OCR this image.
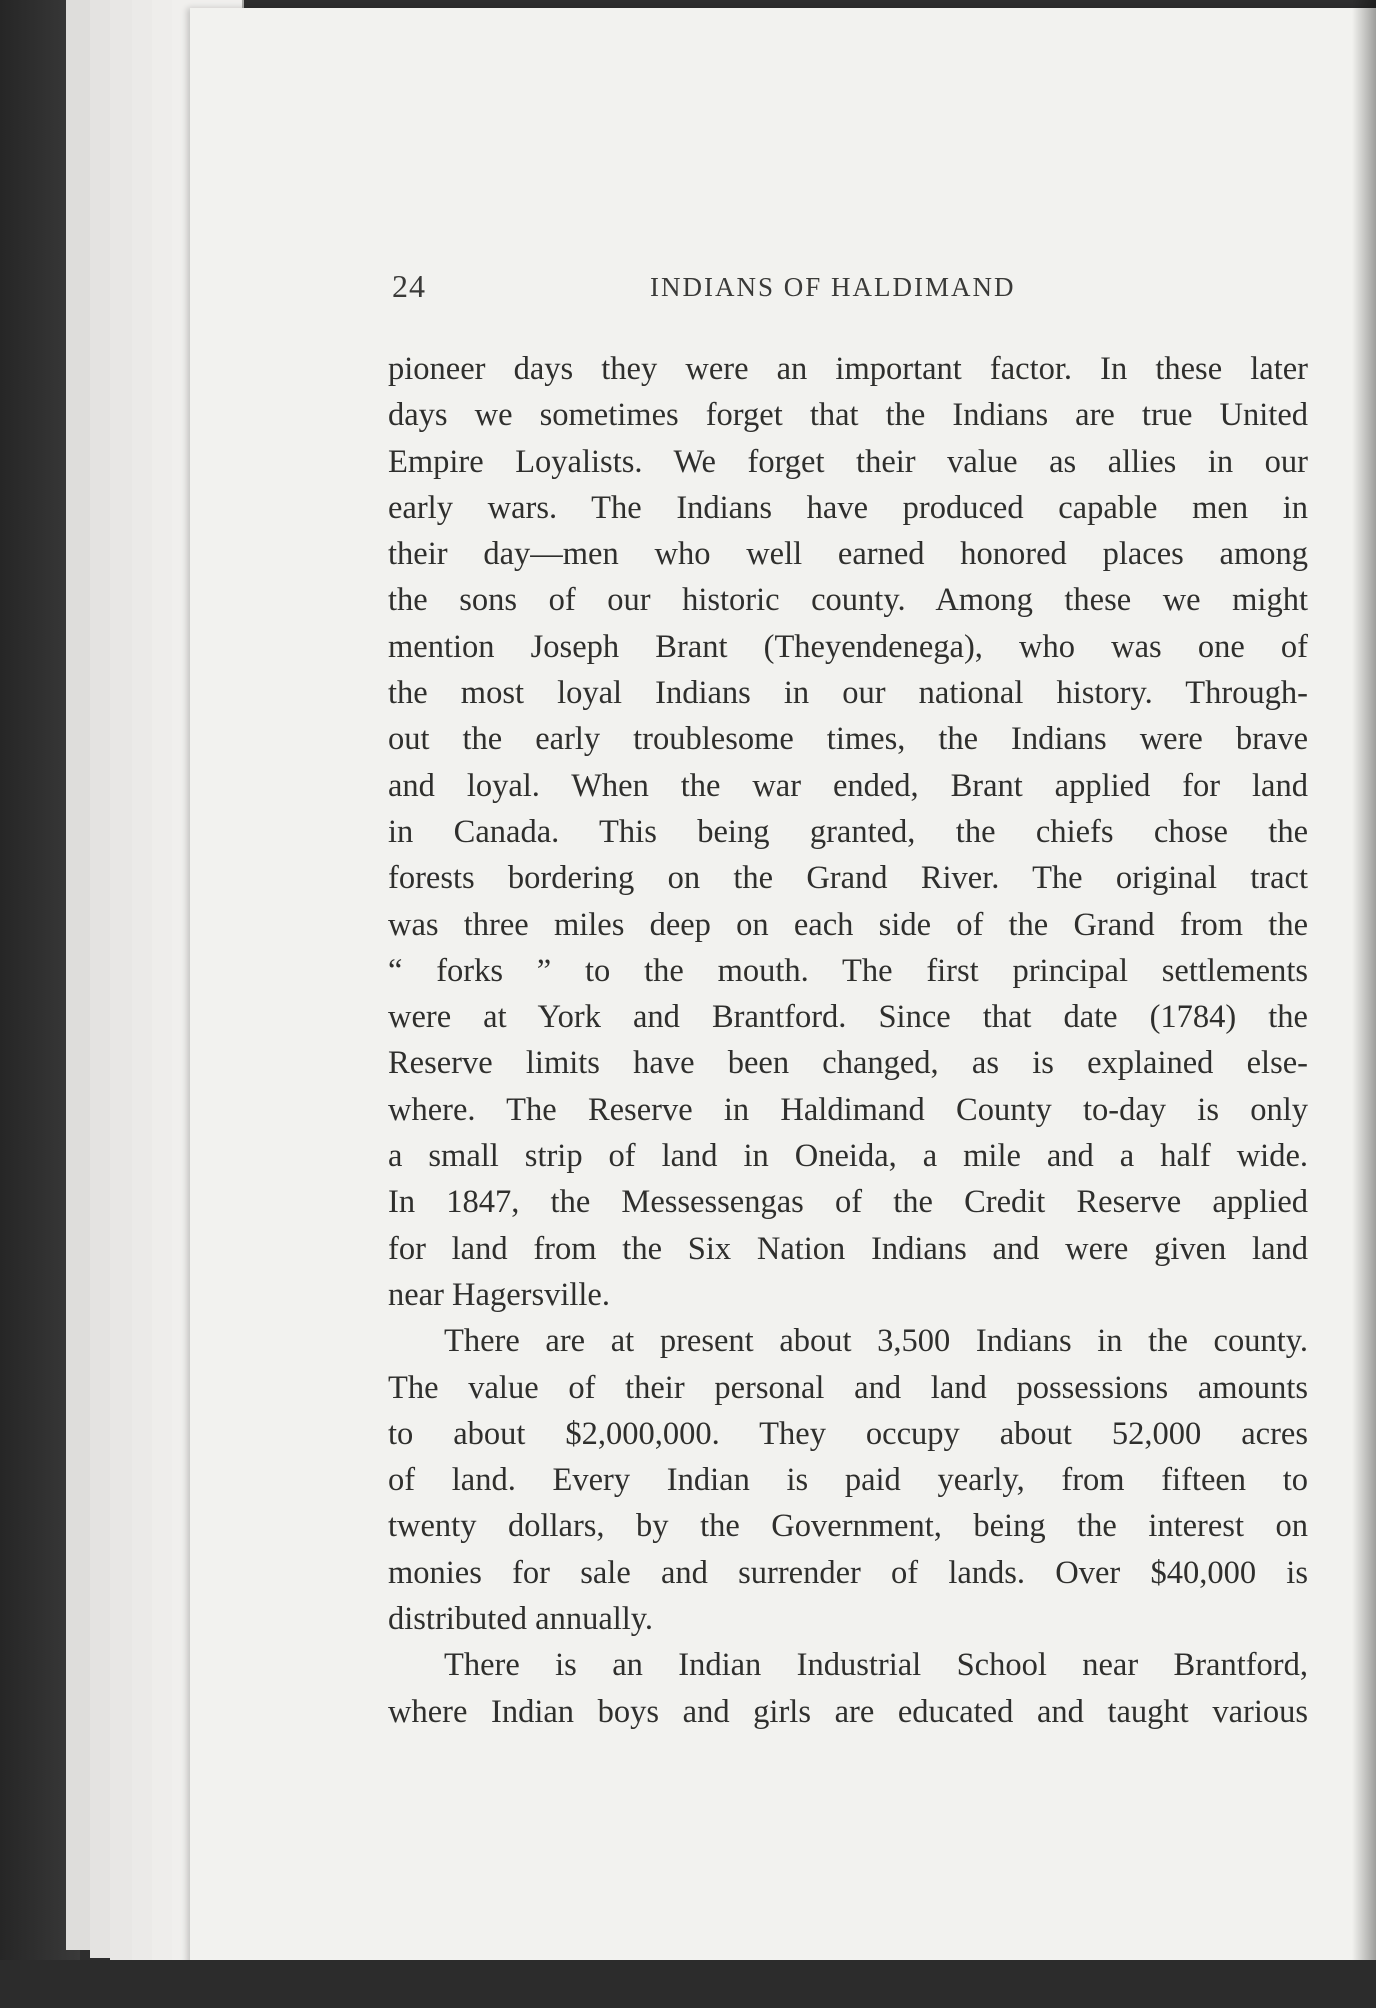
24	INDIANS OF HALDIMAND
pioneer days they were an important factor. In these later
days we sometimes forget that the Indians are true United
Empire Loyalists. We forget their value as allies in our
early wars. The Indians have produced capable men in
their day—men who well earned honored places among
the sons of our historic county. Among these we might
mention Joseph Brant (Theyendenega), who was one of
the most loyal Indians in our national history. Through-
out the early troublesome times, the Indians were brave
and loyal. When the war ended, Brant applied for land
in Canada. This being granted, the chiefs chose the
forests bordering on the Grand River. The original tract
was three miles deep on each side of the Grand from the
“ forks ” to the mouth. The first principal settlements
were at York and Brantford. Since that date (1784) the
Reserve limits have been changed, as is explained else-
where. The Reserve in Haldimand County to-day is only
a small strip of land in Oneida, a mile and a half wide.
In 1847, the Messessengas of the Credit Reserve applied
for land from the Six Nation Indians and were given land
near Hagersville.
There are at present about 3,500 Indians in the county.
The value of their personal and land possessions amounts
to about $2,000,000. They occupy about 52,000 acres
of land. Every Indian is paid yearly, from fifteen to
twenty dollars, by the Government, being the interest on
monies for sale and surrender of lands. Over $40,000 is
distributed annually.
There is an Indian Industrial School near Brantford,
where Indian boys and girls are educated and taught various
